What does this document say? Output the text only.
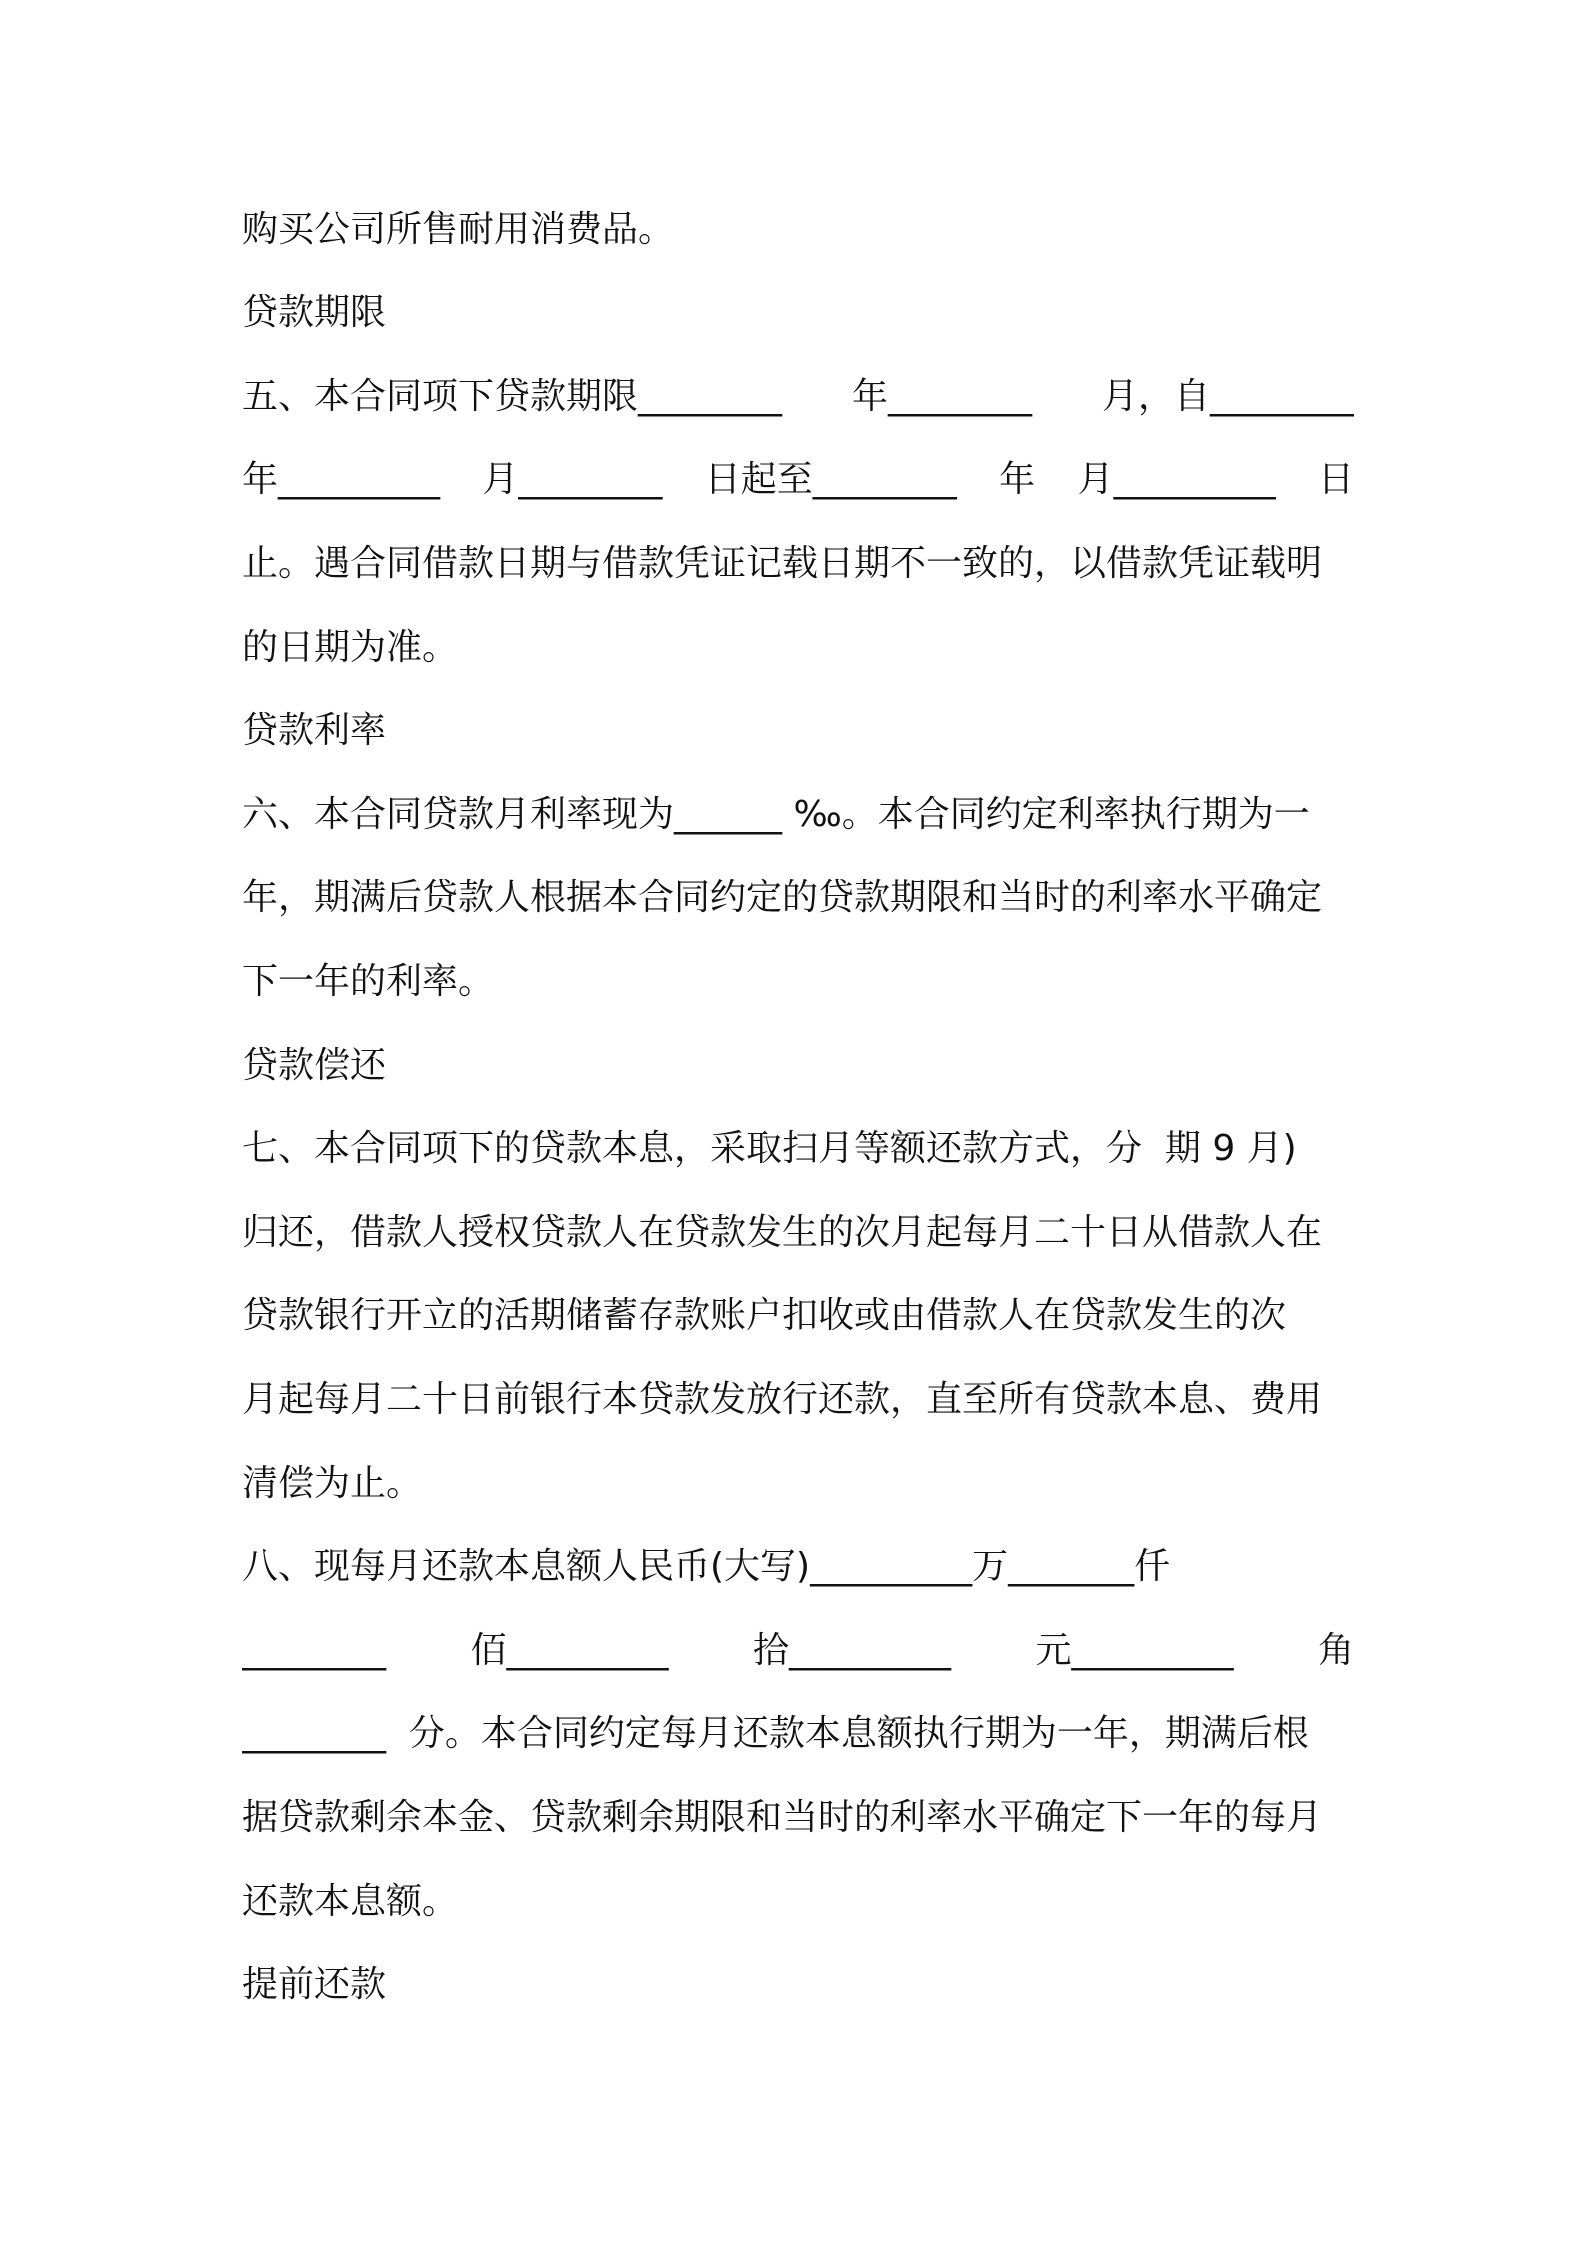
购买公司所售耐用消费品。
贷款期限
五、本合同项下贷款期限________ 年________ 月，自________
年_________ 月________ 日起至________ 年 月_________ 日
止。遇合同借款日期与借款凭证记载日期不一致的，以借款凭证载明
的日期为准。
贷款利率
六、本合同贷款月利率现为______ ‰。本合同约定利率执行期为一
年，期满后贷款人根据本合同约定的贷款期限和当时的利率水平确定
下一年的利率。
贷款偿还
七、本合同项下的贷款本息，采取扫月等额还款方式，分  期 9 月)
归还，借款人授权贷款人在贷款发生的次月起每月二十日从借款人在
贷款银行开立的活期储蓄存款账户扣收或由借款人在贷款发生的次
月起每月二十日前银行本贷款发放行还款，直至所有贷款本息、费用
清偿为止。
八、现每月还款本息额人民币(大写)_________万_______仟
________ 佰_________ 拾_________ 元_________ 角
________  分。本合同约定每月还款本息额执行期为一年，期满后根
据贷款剩余本金、贷款剩余期限和当时的利率水平确定下一年的每月
还款本息额。
提前还款
